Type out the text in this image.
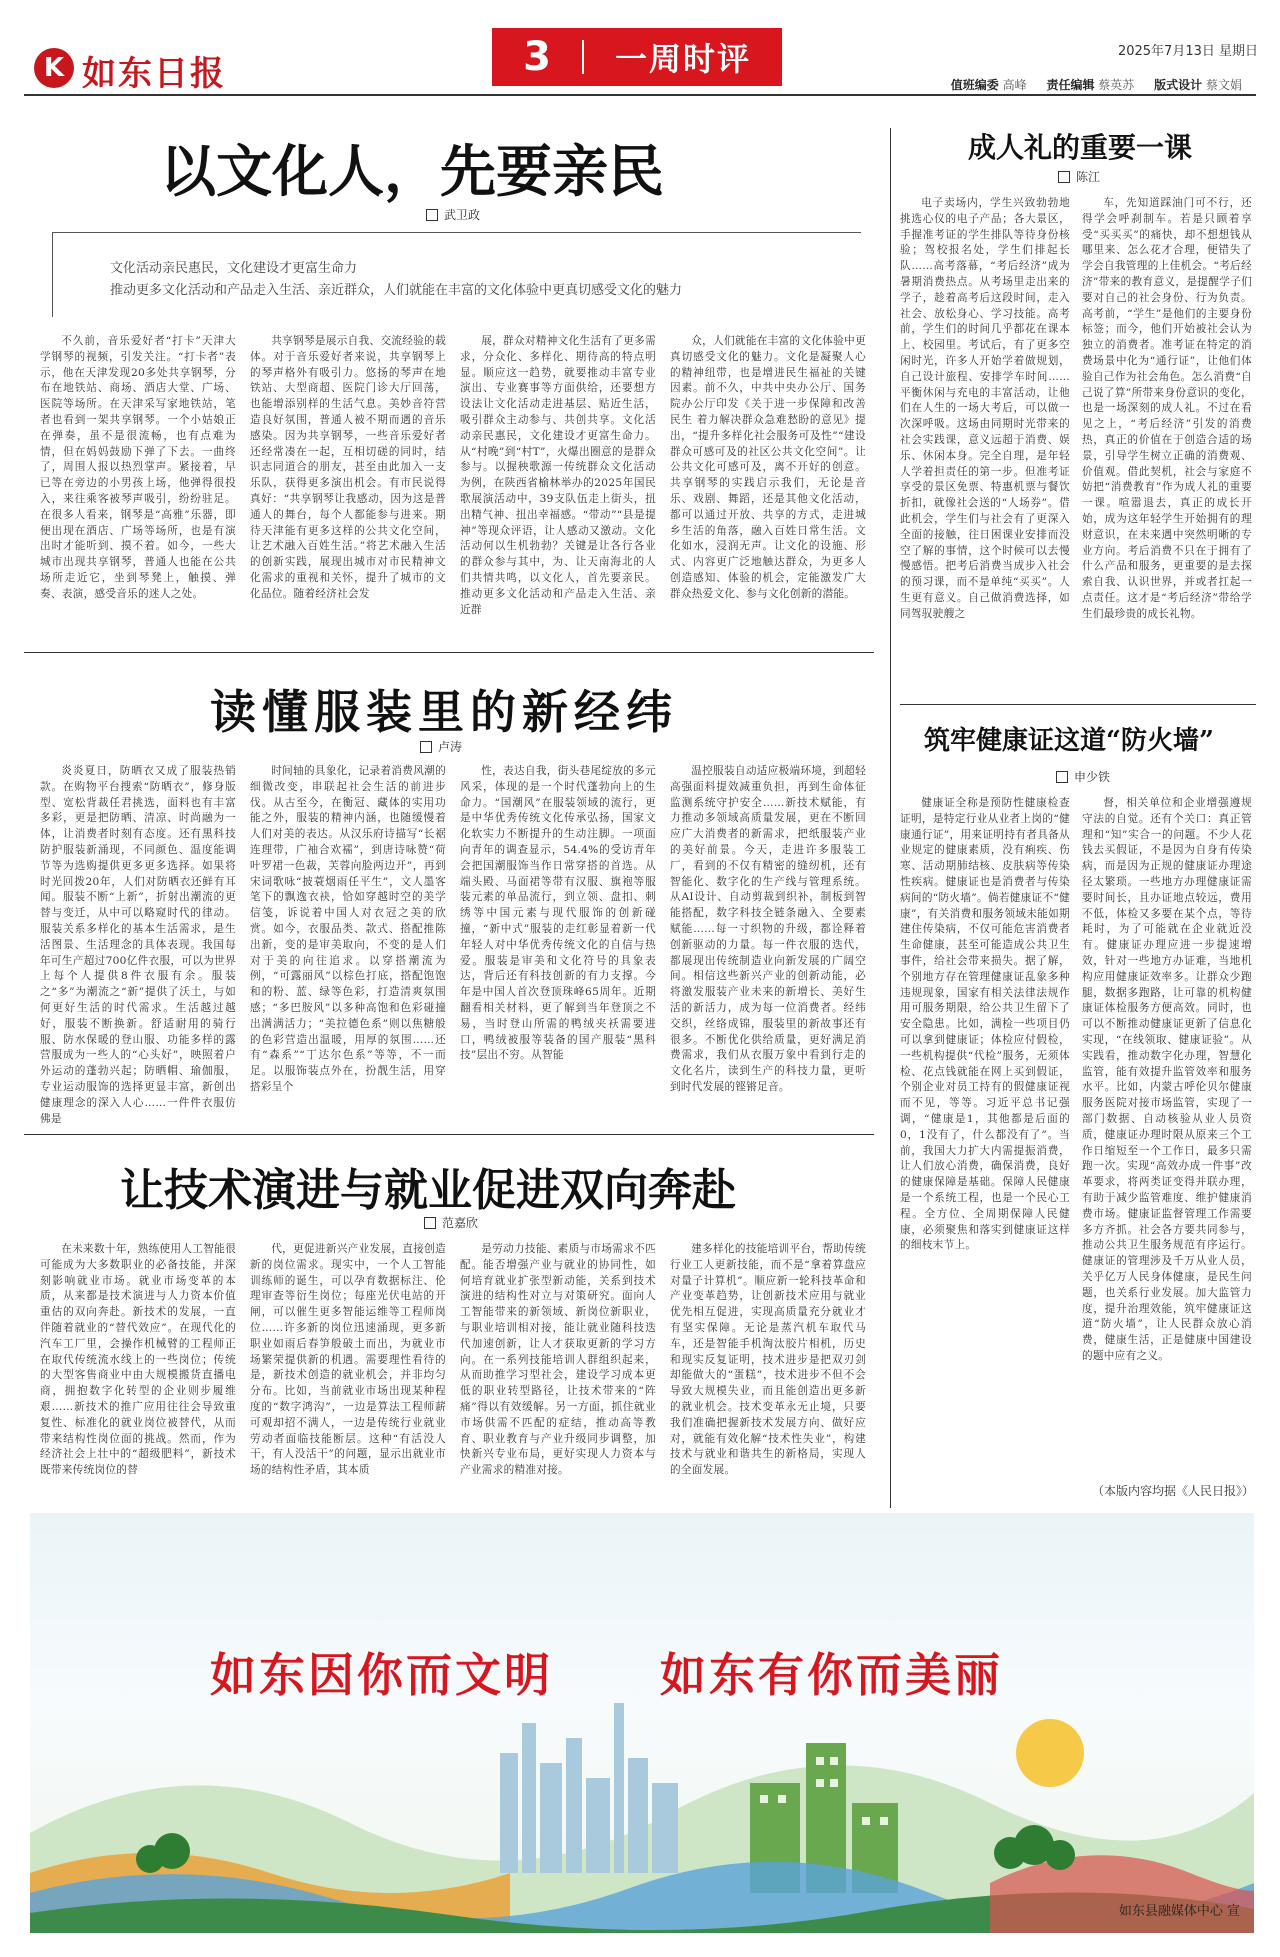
K 如东日报	3	一周时评	2025年7月13日 星期日
值班编委 高峰 责任编辑 蔡英苏 版式设计 蔡文娟
以文化人，先要亲民
武卫政
文化活动亲民惠民，文化建设才更富生命力
推动更多文化活动和产品走入生活、亲近群众，人们就能在丰富的文化体验中更真切感受文化的魅力

不久前，音乐爱好者“打卡”天津大学钢琴的视频，引发关注。“打卡者”表示，他在天津发现20多处共享钢琴，分布在地铁站、商场、酒店大堂、广场、医院等场所。在天津采写家地铁站，笔者也看到一架共享钢琴。一个小姑娘正在弹奏，虽不是很流畅，也有点难为情，但在妈妈鼓励下弹了下去。一曲终了，周围人报以热烈掌声。紧接着，早已等在旁边的小男孩上场，他弹得很投入，来往乘客被琴声吸引，纷纷驻足。在很多人看来，钢琴是“高雅”乐器，即便出现在酒店、广场等场所，也是有演出时才能听到、摸不着。如今，一些大城市出现共享钢琴，普通人也能在公共场所走近它，坐到琴凳上，触摸、弹奏、表演，感受音乐的迷人之处。

共享钢琴是展示自我、交流经验的载体。对于音乐爱好者来说，共享钢琴上的琴声格外有吸引力。悠扬的琴声在地铁站、大型商超、医院门诊大厅回荡，也能增添别样的生活气息。美妙音符营造良好氛围，普通人被不期而遇的音乐感染。因为共享钢琴，一些音乐爱好者还经常凑在一起，互相切磋的同时，结识志同道合的朋友，甚至由此加入一支乐队，获得更多演出机会。有市民说得真好：“共享钢琴让我感动，因为这是普通人的舞台，每个人都能参与进来。期待天津能有更多这样的公共文化空间，让艺术融入百姓生活。”将艺术融入生活的创新实践，展现出城市对市民精神文化需求的重视和关怀，提升了城市的文化品位。随着经济社会发

展，群众对精神文化生活有了更多需求，分众化、多样化、期待高的特点明显。顺应这一趋势，就要推动丰富专业演出、专业赛事等方面供给，还要想方设法让文化活动走进基层、贴近生活，吸引群众主动参与、共创共享。文化活动亲民惠民，文化建设才更富生命力。从“村晚”到“村T”，火爆出圈意的是群众参与。以握秧歌源一传统群众文化活动为例，在陕西省榆林举办的2025年国民歌展演活动中，39支队伍走上街头，扭出精气神、扭出幸福感。“带动”“县是提神”等现众评语，让人感动又激动。文化活动何以生机勃勃？关键是让各行各业的群众参与其中，为、让天南海北的人们共情共鸣，以文化人，首先要亲民。推动更多文化活动和产品走入生活、亲近群

众，人们就能在丰富的文化体验中更真切感受文化的魅力。文化是凝聚人心的精神纽带，也是增进民生福祉的关键因素。前不久，中共中央办公厅、国务院办公厅印发《关于进一步保障和改善民生 着力解决群众急难愁盼的意见》提出，“提升多样化社会服务可及性”“建设群众可感可及的社区公共文化空间”。让公共文化可感可及，离不开好的创意。共享钢琴的实践启示我们，无论是音乐、戏剧、舞蹈，还是其他文化活动，都可以通过开放、共享的方式，走进城乡生活的角落，融入百姓日常生活。文化如水，浸润无声。让文化的设施、形式、内容更广泛地触达群众，为更多人创造感知、体验的机会，定能激发广大群众热爱文化、参与文化创新的潜能。

读懂服装里的新经纬
卢涛

炎炎夏日，防晒衣又成了服装热销款。在购物平台搜索“防晒衣”，修身版型、宽松背裁任君挑选，面料也有丰富多彩，更是把防晒、清凉、时尚融为一体，让消费者时刻有态度。还有黑科技防护服装新涌现，不同颜色、温度能调节等为选购提供更多更多选择。如果将时光回拨20年，人们对防晒衣还鲜有耳闻。服装不断“上新”，折射出潮流的更替与变迁，从中可以略窥时代的律动。服装关系多样化的基本生活需求，是生活图景、生活理念的具体表现。我国每年可生产超过700亿件衣服，可以为世界上每个人提供8件衣服有余。服装之“多”为潮流之“新”提供了沃土，与如何更好生活的时代需求。生活越过越好，服装不断换新。舒适耐用的骑行服、防水保暖的登山服、功能多样的露营服成为一些人的“心头好”，映照着户外运动的蓬勃兴起；防晒帽、瑜伽服，专业运动服饰的选择更显丰富，新创出健康理念的深入人心……一件件衣服仿佛是

时间轴的具象化，记录着消费风潮的细微改变，串联起社会生活的前进步伐。从古至今，在衡冠、藏体的实用功能之外，服装的精神内涵，也随缓慢着人们对美的表达。从汉乐府诗描写“长裾连理带，广袖合欢襦”，到唐诗咏赞“荷叶罗裙一色裁，芙蓉向脸两边开”，再到宋词歌咏“披蓑烟雨任平生”，文人墨客笔下的飘逸衣袂，恰如穿越时空的美学信笺，诉说着中国人对衣冠之美的欣赏。如今，衣服品类、款式、搭配推陈出新，变的是审美取向，不变的是人们对于美的向往追求。以穿搭潮流为例，“可露丽风”以棕色打底，搭配饱饱和的粉、蓝、绿等色彩，打造清爽氛围感；“多巴胺风”以多种高饱和色彩碰撞出满满活力；“美拉德色系”则以焦糖般的色彩营造出温暖，用厚的氛围……还有“森系”“丁达尔色系”等等，不一而足。以服饰装点外在，扮靓生活，用穿搭彩呈个

性，表达自我，街头巷尾绽放的多元风采，体现的是一个时代蓬勃向上的生命力。“国潮风”在服装领域的流行，更是中华优秀传统文化传承弘扬，国家文化软实力不断提升的生动注脚。一项面向青年的调查显示，54.4%的受访青年会把国潮服饰当作日常穿搭的首选。从端头殿、马面裙等带有汉服、旗袍等服装元素的单品流行，到立领、盘扣、刺绣等中国元素与现代服饰的创新碰撞，“新中式”服装的走红彰显着新一代年轻人对中华优秀传统文化的自信与热爱。服装是审美和文化符号的具象表达，背后还有科技创新的有力支撑。今年是中国人首次登顶珠峰65周年。近期翻看相关材料，更了解到当年登顶之不易，当时登山所需的鸭绒夹袄需要进口，鸭绒被服等装备的国产服装“黑科技”层出不穷。从智能

温控服装自动适应极端环境，到超轻高强面料提效减重负担，再到生命体征监测系统守护安全……新技术赋能，有力推动多领域高质量发展，更在不断回应广大消费者的新需求，把纸服装产业的美好前景。今天，走进许多服装工厂，看到的不仅有精密的缝纫机，还有智能化、数字化的生产线与管理系统。从AI设计、自动剪裁到织补，制板到智能搭配，数字科技全链条融入、全要素赋能……每一寸织物的升级，都诠释着创新驱动的力量。每一件衣服的迭代，都展现出传统制造业向新发展的广阔空间。相信这些新兴产业的创新动能，必将激发服装产业未来的新增长、美好生活的新活力，成为每一位消费者。经纬交织，丝络成锦，服装里的新故事还有很多。不断优化供给质量，更好满足消费需求，我们从衣服万象中看到行走的文化名片，读到生产的科技力量，更听到时代发展的铿锵足音。

让技术演进与就业促进双向奔赴
范嘉欣

在未来数十年，熟练使用人工智能很可能成为大多数职业的必备技能，并深刻影响就业市场。就业市场变革的本质，从来都是技术演进与人力资本价值重估的双向奔赴。新技术的发展，一直伴随着就业的“替代效应”。在现代化的汽车工厂里，会操作机械臂的工程师正在取代传统流水线上的一些岗位；传统的大型客售商业中由大规模搬货直播电商，拥抱数字化转型的企业则步履维艰……新技术的推广应用往往会导致重复性、标准化的就业岗位被替代，从而带来结构性岗位面的挑战。然而，作为经济社会上壮中的“超级肥料”，新技术既带来传统岗位的替

代，更促进新兴产业发展，直接创造新的岗位需求。现实中，一个人工智能训练师的诞生，可以孕育数据标注、伦理审查等衍生岗位；每座光伏电站的开闸，可以催生更多智能运维等工程师岗位……许多新的岗位迅速涌现，更多新职业如雨后春笋般破土而出，为就业市场繁荣提供新的机遇。需要理性看待的是，新技术创造的就业机会，并非均匀分布。比如，当前就业市场出现某种程度的“数字鸿沟”，一边是算法工程师薪可观却招不满人，一边是传统行业就业劳动者面临技能断层。这种“有活没人干，有人没活干”的问题，显示出就业市场的结构性矛盾，其本质

是劳动力技能、素质与市场需求不匹配。能否增强产业与就业的协同性，如何培育就业扩张型新动能，关系到技术演进的结构性对立与对策研究。面向人工智能带来的新领域、新岗位新职业，与职业培训相对接，能让就业随科技迭代加速创新，让人才获取更新的学习方向。在一系列技能培训人群组织起来，从而助推学习型社会，建设学习成本更低的职业转型路径，让技术带来的“阵痛”得以有效缓解。另一方面，抓住就业市场供需不匹配的症结，推动高等教育、职业教育与产业升级同步调整，加快新兴专业布局，更好实现人力资本与产业需求的精准对接。

建多样化的技能培训平台，帮助传统行业工人更新技能，而不是“拿着算盘应对量子计算机”。顺应新一轮科技革命和产业变革趋势，让创新技术应用与就业优先相互促进，实现高质量充分就业才有坚实保障。无论是蒸汽机车取代马车，还是智能手机淘汰胶片相机，历史和现实反复证明，技术进步是把双刃剑却能做大的“蛋糕”，技术进步不但不会导致大规模失业，而且能创造出更多新的就业机会。技术变革永无止境，只要我们准确把握新技术发展方向、做好应对，就能有效化解“技术性失业”，构建技术与就业和谐共生的新格局，实现人的全面发展。

成人礼的重要一课
陈江

电子卖场内，学生兴致勃勃地挑选心仪的电子产品；各大景区，手握准考证的学生排队等待身份核验；驾校报名处，学生们排起长队……高考落幕，“考后经济”成为暑期消费热点。从考场里走出来的学子，趁着高考后这段时间，走入社会、放松身心、学习技能。高考前，学生们的时间几乎都花在课本上、校园里。考试后，有了更多空闲时光，许多人开始学着做规划，自己设计旅程、安排学车时间……平衡休闲与充电的丰富活动，让他们在人生的一场大考后，可以做一次深呼吸。这场由同期时光带来的社会实践课，意义远超于消费、娱乐、休闲本身。完全自理，是年轻人学着担责任的第一步。但准考证享受的景区免票、特惠机票与餐饮折扣，就像社会送的“人场券”。借此机会，学生们与社会有了更深入全面的接触，往日困课业安排而没空了解的事情，这个时候可以去慢慢感悟。把考后消费当成步入社会的预习课，而不是单纯“买买”。人生更有意义。自己做消费选择，如同驾驭驶艘之

车，先知道踩油门可不行，还得学会呼刹制车。若是只顾着享受“买买买”的痛快，却不想想钱从哪里来、怎么花才合理，便错失了学会自我管理的上佳机会。“考后经济”带来的教育意义，是提醒学子们要对自己的社会身份、行为负责。高考前，“学生”是他们的主要身份标签；而今，他们开始被社会认为独立的消费者。准考证在特定的消费场景中化为“通行证”，让他们体验自己作为社会角色。怎么消费“自己说了算”所带来身份意识的变化，也是一场深刻的成人礼。不过在看见之上，“考后经济”引发的消费热，真正的价值在于创造合适的场景，引导学生树立正确的消费观、价值观。借此契机，社会与家庭不妨把“消费教育”作为成人礼的重要一课。喧嚣退去，真正的成长开始，成为这年轻学生开始拥有的理财意识，在未来遇中突然明晰的专业方向。考后消费不只在于拥有了什么产品和服务，更重要的是去探索自我、认识世界，并或者扛起一点责任。这才是“考后经济”带给学生们最珍贵的成长礼物。

筑牢健康证这道“防火墙”
申少铁

健康证全称是预防性健康检查证明，是特定行业从业者上岗的“健康通行证”，用来证明持有者具备从业规定的健康素质，没有痢疾、伤寒、活动期肺结核、皮肤病等传染性疾病。健康证也是消费者与传染病间的“防火墙”。倘若健康证不“健康”，有关消费和服务领域未能如期建住传染病，不仅可能危害消费者生命健康，甚至可能造成公共卫生事件，给社会带来损失。据了解，个别地方存在管理健康证乱象多种违规现象，国家有相关法律法规作用可服务期限，给公共卫生留下了安全隐患。比如，满检一些项目仍可以拿到健康证；体检应付假检，一些机构提供“代检”服务，无须体检、花点钱就能在网上买到假证，个别企业对员工持有的假健康证视而不见，等等。习近平总书记强调，“健康是1，其他都是后面的0，1没有了，什么都没有了”。当前，我国大力扩大内需提振消费，让人们放心消费，确保消费，良好的健康保障是基础。保障人民健康是一个系统工程，也是一个民心工程。全方位、全周期保障人民健康，必须聚焦和落实到健康证这样的细枝末节上。

督，相关单位和企业增强遵规守法的自觉。还有个关口：真正管理和“知”实合一的问题。不少人花钱去买假证，不是因为自身有传染病，而是因为正规的健康证办理途径太繁琐。一些地方办理健康证需要时间长，且办证地点较远，费用不低，体检又多要在某个点，等待耗时，为了可能就在企业就近没有。健康证办理应进一步提速增效，针对一些地方办证难，当地机构应用健康证效率多。让群众少跑腿，数据多跑路，让可靠的机构健康证体检服务方便高效。同时，也可以不断推动健康证更新了信息化实现，“在线领取、健康证验”。从实践看，推动数字化办理，智慧化监管，能有效提升监管效率和服务水平。比如，内蒙古呼伦贝尔健康服务医院对接市场监管，实现了一部门数据、自动核验从业人员资质，健康证办理时限从原来三个工作日缩短至一个工作日，最多只需跑一次。实现“高效办成一件事”改革要求，将两类证变得并联办理，有助于减少监管难度、维护健康消费市场。健康证监督管理工作需要多方齐抓。社会各方要共同参与，推动公共卫生服务规范有序运行。健康证的管理涉及千万从业人员，关乎亿万人民身体健康，是民生问题，也关系行业发展。加大监管力度，提升治理效能，筑牢健康证这道“防火墙”，让人民群众放心消费，健康生活，正是健康中国建设的题中应有之义。

（本版内容均据《人民日报》）
如东因你而文明 如东有你而美丽
如东县融媒体中心 宣
